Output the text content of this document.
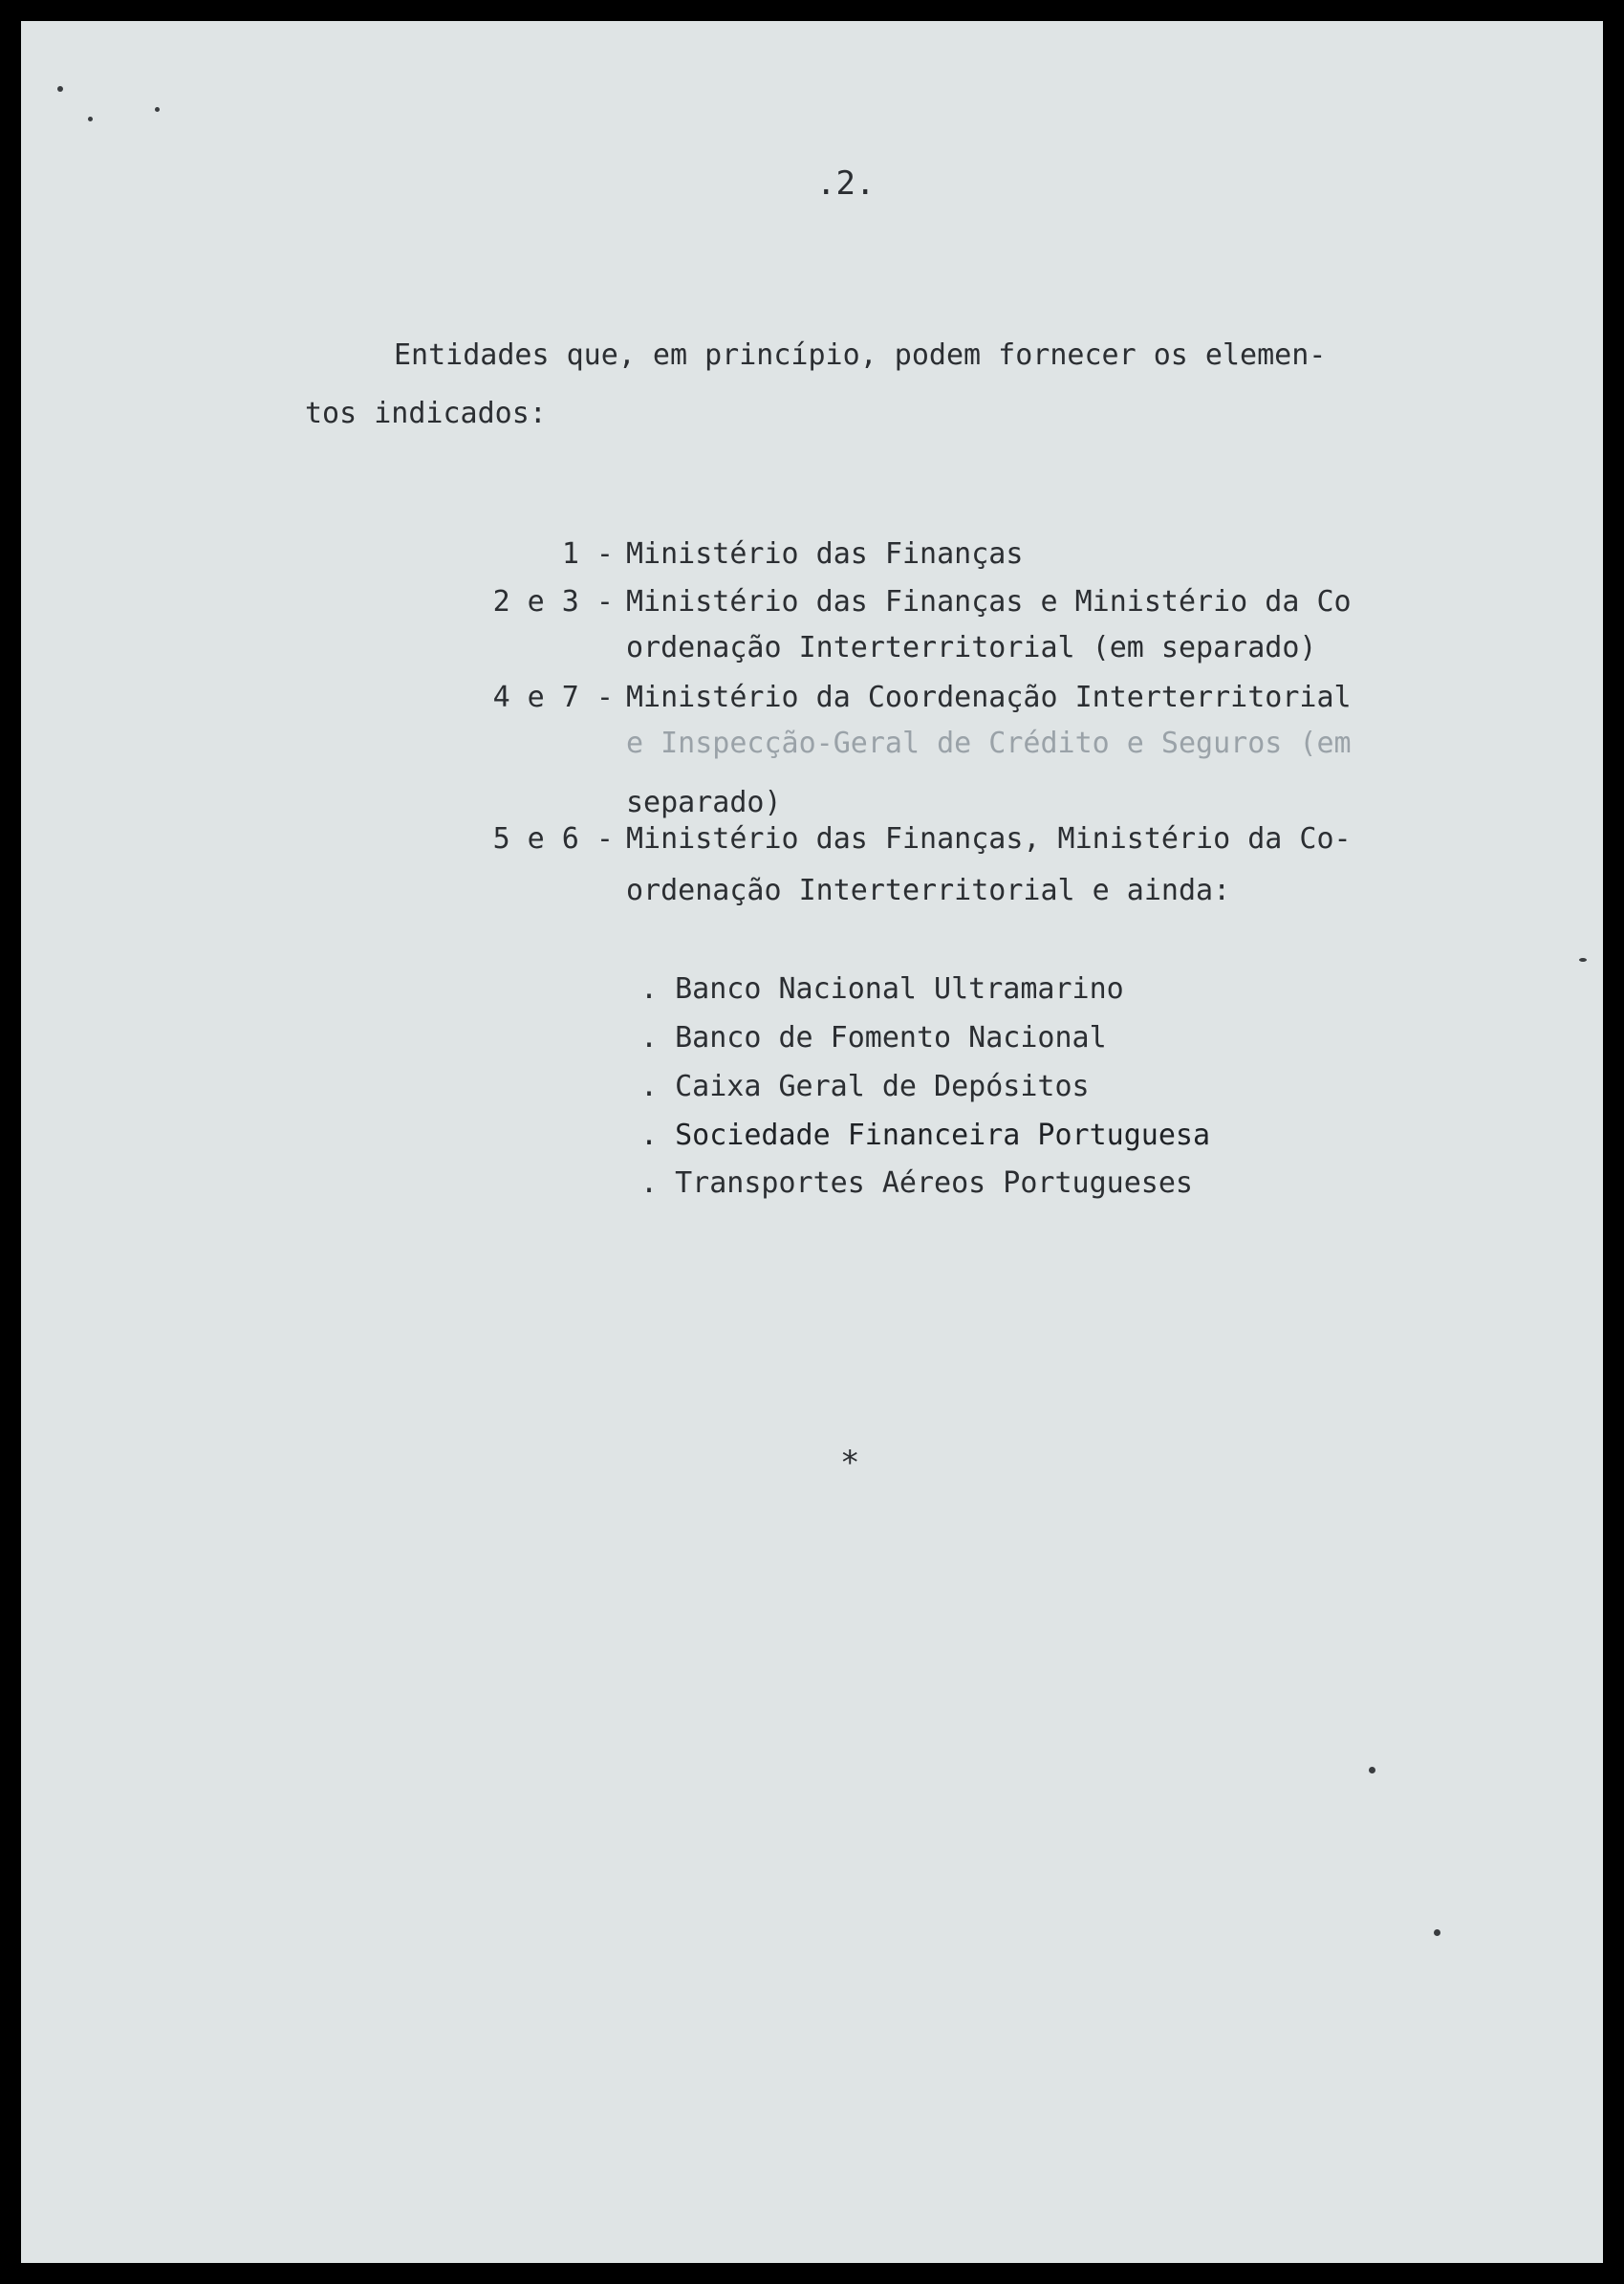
.2.
Entidades que, em princípio, podem fornecer os elemen-
tos indicados:
1 - Ministério das Finanças
2 e 3 - Ministério das Finanças e Ministério da Co
ordenação Interterritorial (em separado)
4 e 7 - Ministério da Coordenação Interterritorial
e Inspecção-Geral de Crédito e Seguros (em
separado)
5 e 6 - Ministério das Finanças, Ministério da Co-
ordenação Interterritorial e ainda:
. Banco Nacional Ultramarino
. Banco de Fomento Nacional
. Caixa Geral de Depósitos
. Sociedade Financeira Portuguesa
. Transportes Aéreos Portugueses
*
